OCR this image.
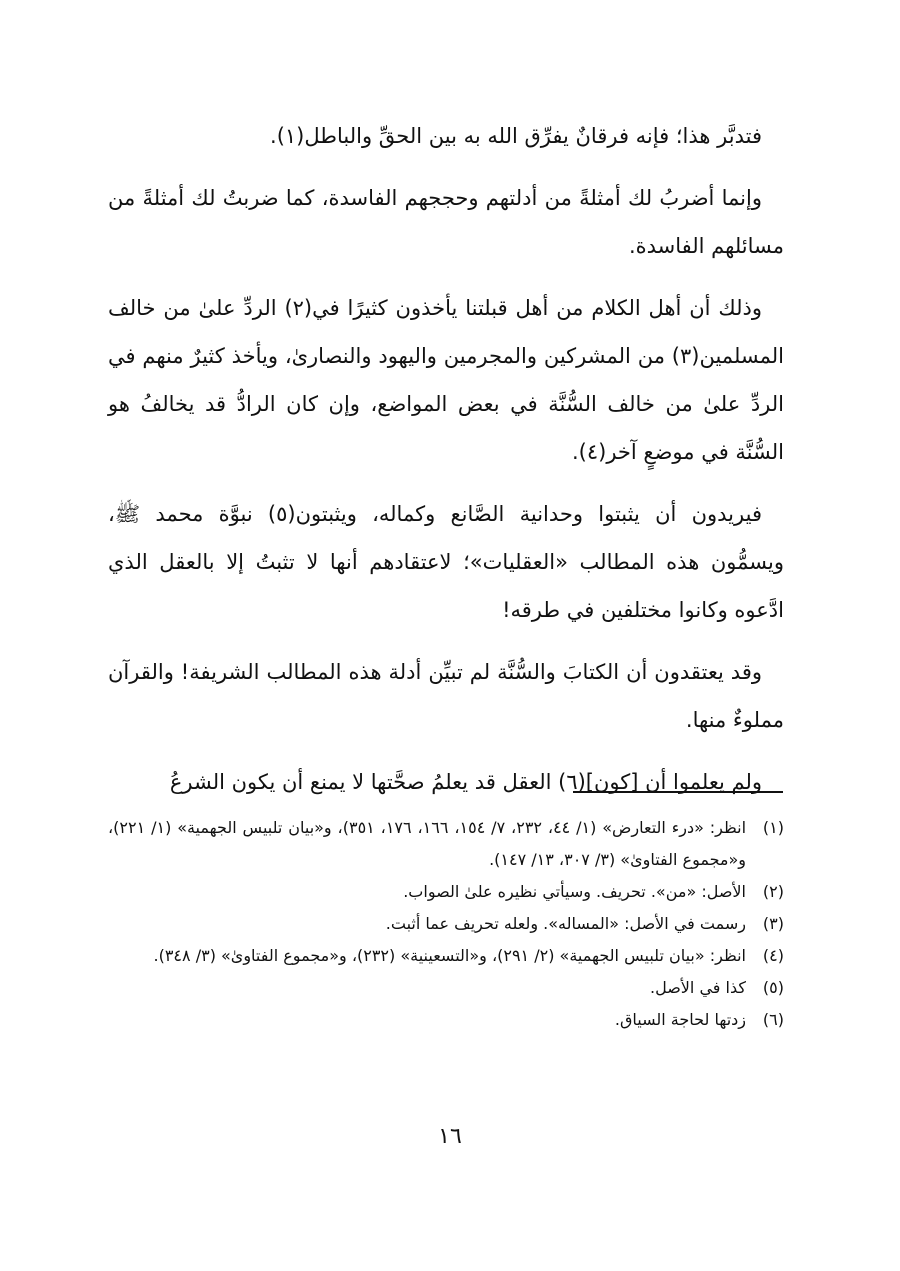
فتدبَّر هذا؛ فإنه فرقانٌ يفرِّق الله به بين الحقِّ والباطل(١).

وإنما أضربُ لك أمثلةً من أدلتهم وحججهم الفاسدة، كما ضربتُ لك أمثلةً من مسائلهم الفاسدة.

وذلك أن أهل الكلام من أهل قبلتنا يأخذون كثيرًا في(٢) الردِّ علىٰ من خالف المسلمين(٣) من المشركين والمجرمين واليهود والنصارىٰ، ويأخذ كثيرٌ منهم في الردِّ علىٰ من خالف السُّنَّة في بعض المواضع، وإن كان الرادُّ قد يخالفُ هو السُّنَّة في موضعٍ آخر(٤).

فيريدون أن يثبتوا وحدانية الصَّانع وكماله، ويثبتون(٥) نبوَّة محمد ﷺ، ويسمُّون هذه المطالب «العقليات»؛ لاعتقادهم أنها لا تثبتُ إلا بالعقل الذي ادَّعوه وكانوا مختلفين في طرقه!

وقد يعتقدون أن الكتابَ والسُّنَّة لم تبيِّن أدلة هذه المطالب الشريفة! والقرآن مملوءٌ منها.

ولم يعلموا أن [كون](٦) العقل قد يعلمُ صحَّتها لا يمنع أن يكون الشرعُ

(١)
انظر: «درء التعارض» (١/ ٤٤، ٢٣٢، ٧/ ١٥٤، ١٦٦، ١٧٦، ٣٥١)، و«بيان تلبيس الجهمية» (١/ ٢٢١)، و«مجموع الفتاوىٰ» (٣/ ٣٠٧، ١٣/ ١٤٧).
(٢)
الأصل: «من». تحريف. وسيأتي نظيره علىٰ الصواب.
(٣)
رسمت في الأصل: «المساله». ولعله تحريف عما أثبت.
(٤)
انظر: «بيان تلبيس الجهمية» (٢/ ٢٩١)، و«التسعينية» (٢٣٢)، و«مجموع الفتاوىٰ» (٣/ ٣٤٨).
(٥)
كذا في الأصل.
(٦)
زدتها لحاجة السياق.
١٦
